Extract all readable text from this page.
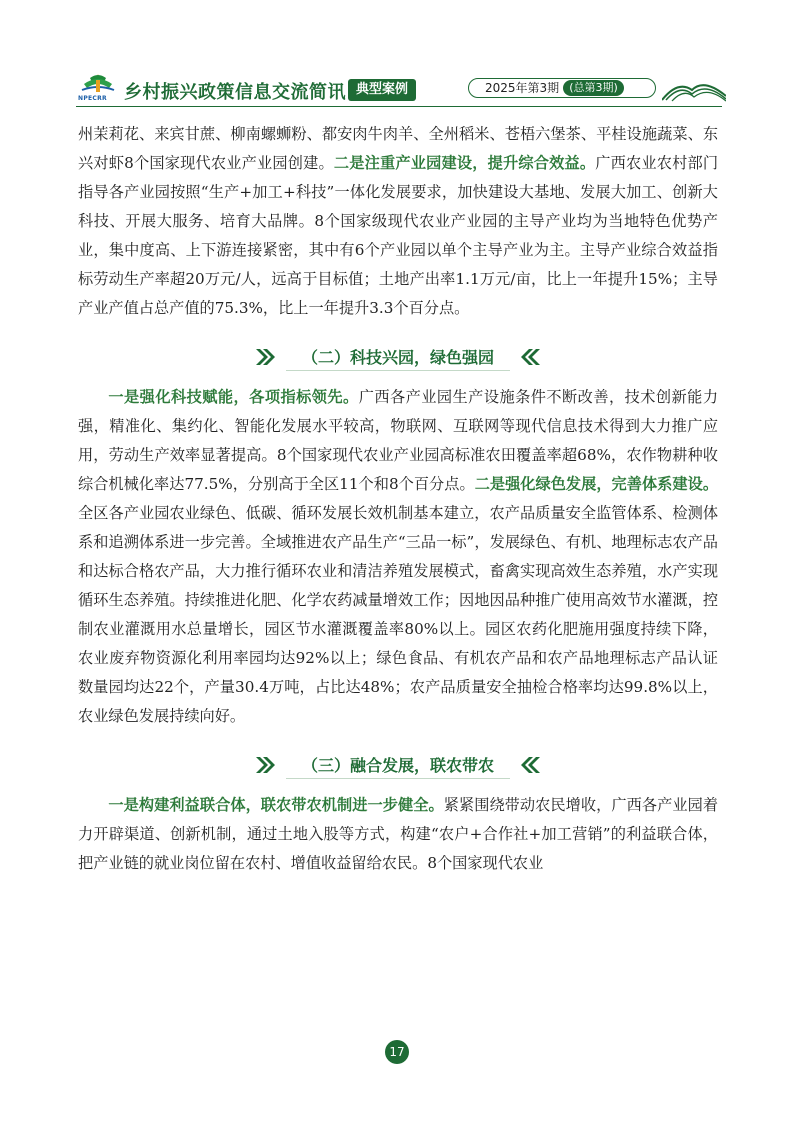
NPECRR 乡村振兴政策信息交流简讯 典型案例	2025年第3期 (总第3期)

州茉莉花、来宾甘蔗、柳南螺蛳粉、都安肉牛肉羊、全州稻米、苍梧六堡茶、平桂设施蔬菜、东兴对虾8个国家现代农业产业园创建。二是注重产业园建设，提升综合效益。广西农业农村部门指导各产业园按照“生产+加工+科技”一体化发展要求，加快建设大基地、发展大加工、创新大科技、开展大服务、培育大品牌。8个国家级现代农业产业园的主导产业均为当地特色优势产业，集中度高、上下游连接紧密，其中有6个产业园以单个主导产业为主。主导产业综合效益指标劳动生产率超20万元/人，远高于目标值；土地产出率1.1万元/亩，比上一年提升15%；主导产业产值占总产值的75.3%，比上一年提升3.3个百分点。

（二）科技兴园，绿色强园

一是强化科技赋能，各项指标领先。广西各产业园生产设施条件不断改善，技术创新能力强，精准化、集约化、智能化发展水平较高，物联网、互联网等现代信息技术得到大力推广应用，劳动生产效率显著提高。8个国家现代农业产业园高标准农田覆盖率超68%，农作物耕种收综合机械化率达77.5%，分别高于全区11个和8个百分点。二是强化绿色发展，完善体系建设。全区各产业园农业绿色、低碳、循环发展长效机制基本建立，农产品质量安全监管体系、检测体系和追溯体系进一步完善。全域推进农产品生产“三品一标”，发展绿色、有机、地理标志农产品和达标合格农产品，大力推行循环农业和清洁养殖发展模式，畜禽实现高效生态养殖，水产实现循环生态养殖。持续推进化肥、化学农药减量增效工作；因地因品种推广使用高效节水灌溉，控制农业灌溉用水总量增长，园区节水灌溉覆盖率80%以上。园区农药化肥施用强度持续下降，农业废弃物资源化利用率园均达92%以上；绿色食品、有机农产品和农产品地理标志产品认证数量园均达22个，产量30.4万吨，占比达48%；农产品质量安全抽检合格率均达99.8%以上，农业绿色发展持续向好。

（三）融合发展，联农带农

一是构建利益联合体，联农带农机制进一步健全。紧紧围绕带动农民增收，广西各产业园着力开辟渠道、创新机制，通过土地入股等方式，构建“农户+合作社+加工营销”的利益联合体，把产业链的就业岗位留在农村、增值收益留给农民。8个国家现代农业

17
